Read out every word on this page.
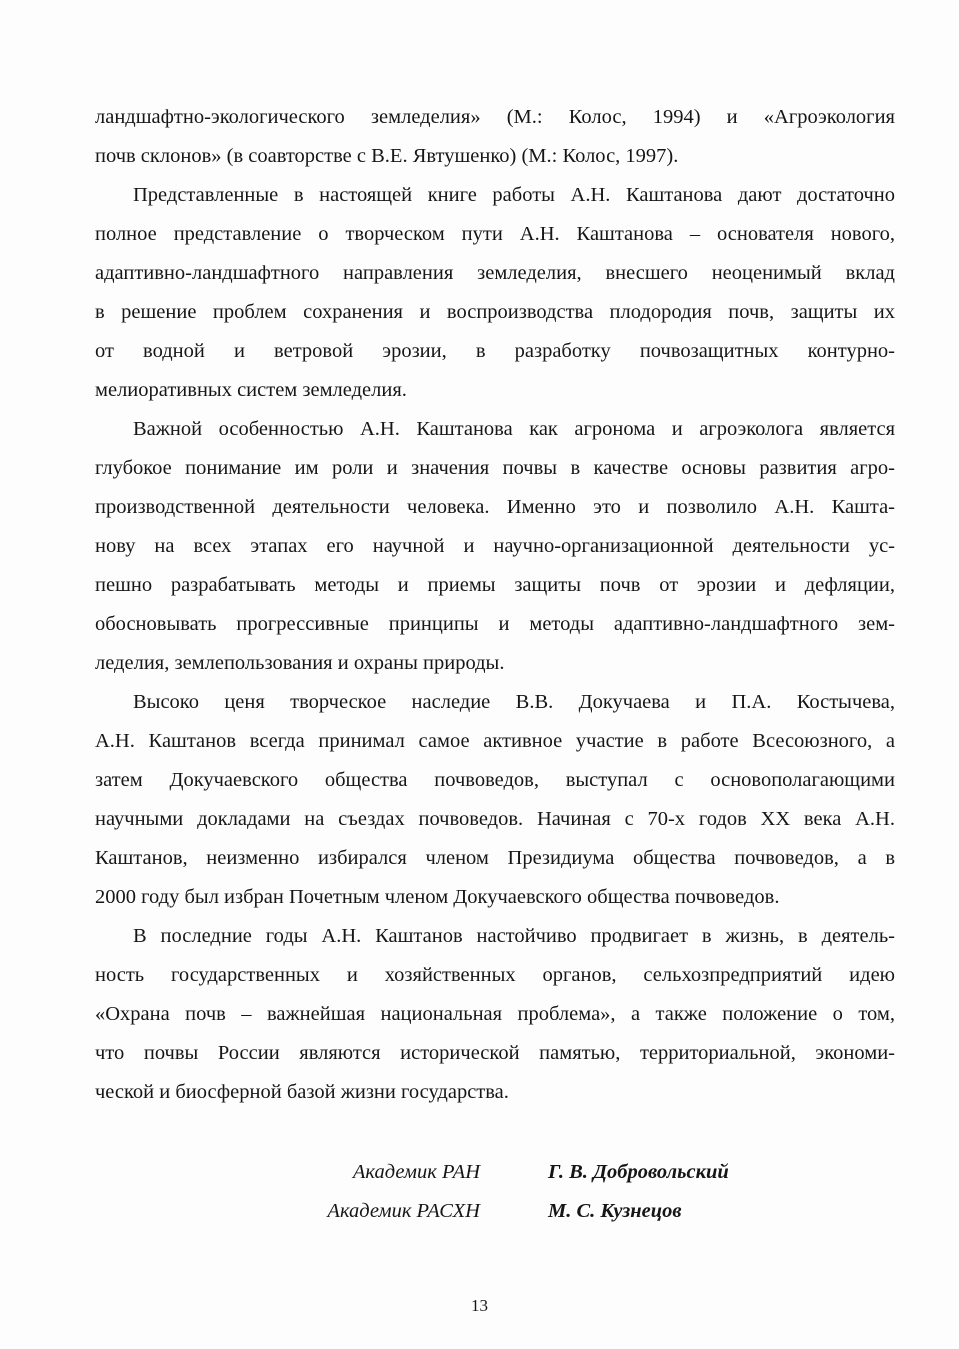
ландшафтно-экологического земледелия» (М.: Колос, 1994) и «Агроэкология
почв склонов» (в соавторстве с В.Е. Явтушенко) (М.: Колос, 1997).

Представленные в настоящей книге работы А.Н. Каштанова дают достаточно
полное представление о творческом пути А.Н. Каштанова – основателя нового,
адаптивно-ландшафтного направления земледелия, внесшего неоценимый вклад
в решение проблем сохранения и воспроизводства плодородия почв, защиты их
от водной и ветровой эрозии, в разработку почвозащитных контурно-
мелиоративных систем земледелия.

Важной особенностью А.Н. Каштанова как агронома и агроэколога является
глубокое понимание им роли и значения почвы в качестве основы развития агро-
производственной деятельности человека. Именно это и позволило А.Н. Кашта-
нову на всех этапах его научной и научно-организационной деятельности ус-
пешно разрабатывать методы и приемы защиты почв от эрозии и дефляции,
обосновывать прогрессивные принципы и методы адаптивно-ландшафтного зем-
леделия, землепользования и охраны природы.

Высоко ценя творческое наследие В.В. Докучаева и П.А. Костычева,
А.Н. Каштанов всегда принимал самое активное участие в работе Всесоюзного, а
затем Докучаевского общества почвоведов, выступал с основополагающими
научными докладами на съездах почвоведов. Начиная с 70-х годов XX века А.Н.
Каштанов, неизменно избирался членом Президиума общества почвоведов, а в
2000 году был избран Почетным членом Докучаевского общества почвоведов.

В последние годы А.Н. Каштанов настойчиво продвигает в жизнь, в деятель-
ность государственных и хозяйственных органов, сельхозпредприятий идею
«Охрана почв – важнейшая национальная проблема», а также положение о том,
что почвы России являются исторической памятью, территориальной, экономи-
ческой и биосферной базой жизни государства.

Академик РАН	Г. В. Добровольский
Академик РАСХН	М. С. Кузнецов
13
